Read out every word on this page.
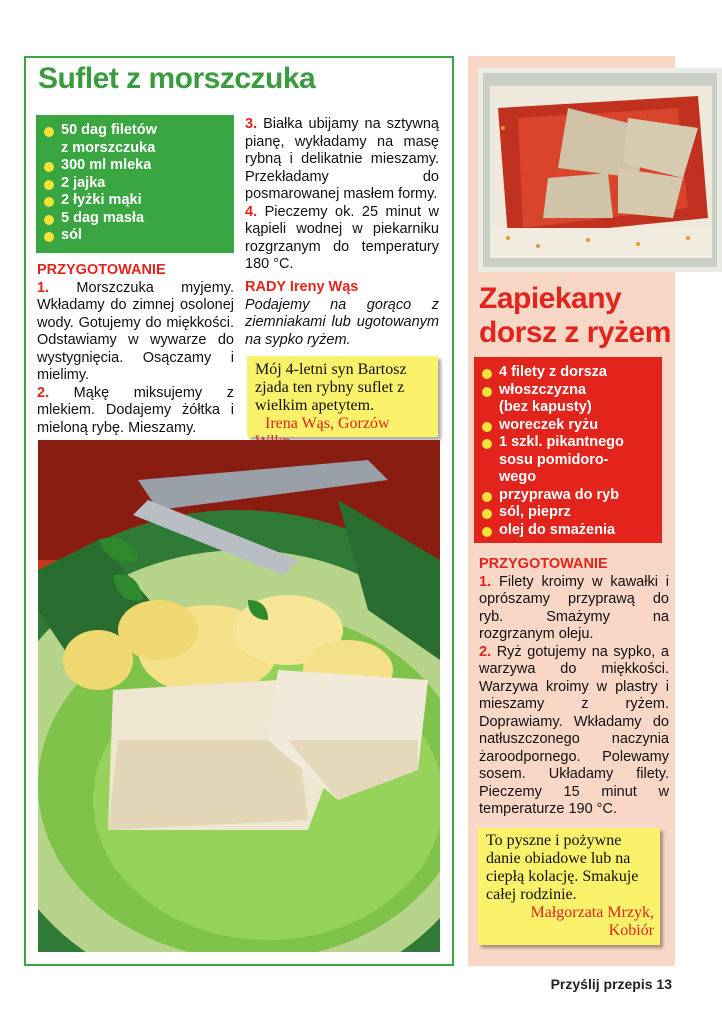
Suflet z morszczuka
50 dag filetów
z morszczuka
300 ml mleka
2 jajka
2 łyżki mąki
5 dag masła
sól
PRZYGOTOWANIE
1. Morszczuka myjemy. Wkładamy do zimnej osolonej wody. Gotujemy do miękkości. Odstawiamy w wywarze do wystygnięcia. Osączamy i mielimy.
2. Mąkę miksujemy z mlekiem. Dodajemy żółtka i mieloną rybę. Mieszamy.
3. Białka ubijamy na sztywną pianę, wykładamy na masę rybną i delikatnie mieszamy. Przekładamy do posmarowanej masłem formy.
4. Pieczemy ok. 25 minut w kąpieli wodnej w piekarniku rozgrzanym do temperatury 180 °C.
RADY Ireny Wąs
Podajemy na gorąco z ziemniakami lub ugotowanym na sypko ryżem.
Mój 4-letni syn Bartosz zjada ten rybny suflet z wielkim apetytem.
Irena Wąs, Gorzów
Zapiekany
dorsz z ryżem
4 filety z dorsza
włoszczyzna
(bez kapusty)
woreczek ryżu
1 szkl. pikantnego
sosu pomidoro-
wego
przyprawa do ryb
sól, pieprz
olej do smażenia
PRZYGOTOWANIE
1. Filety kroimy w kawałki i oprószamy przyprawą do ryb. Smażymy na rozgrzanym oleju.
2. Ryż gotujemy na sypko, a warzywa do miękkości. Warzywa kroimy w plastry i mieszamy z ryżem. Doprawiamy. Wkładamy do natłuszczonego naczynia żaroodpornego. Polewamy sosem. Układamy filety. Pieczemy 15 minut w temperaturze 190 °C.
To pyszne i pożywne danie obiadowe lub na ciepłą kolację. Smakuje całej rodzinie.

Małgorzata Mrzyk,
Kobiór
Przyślij przepis 13
